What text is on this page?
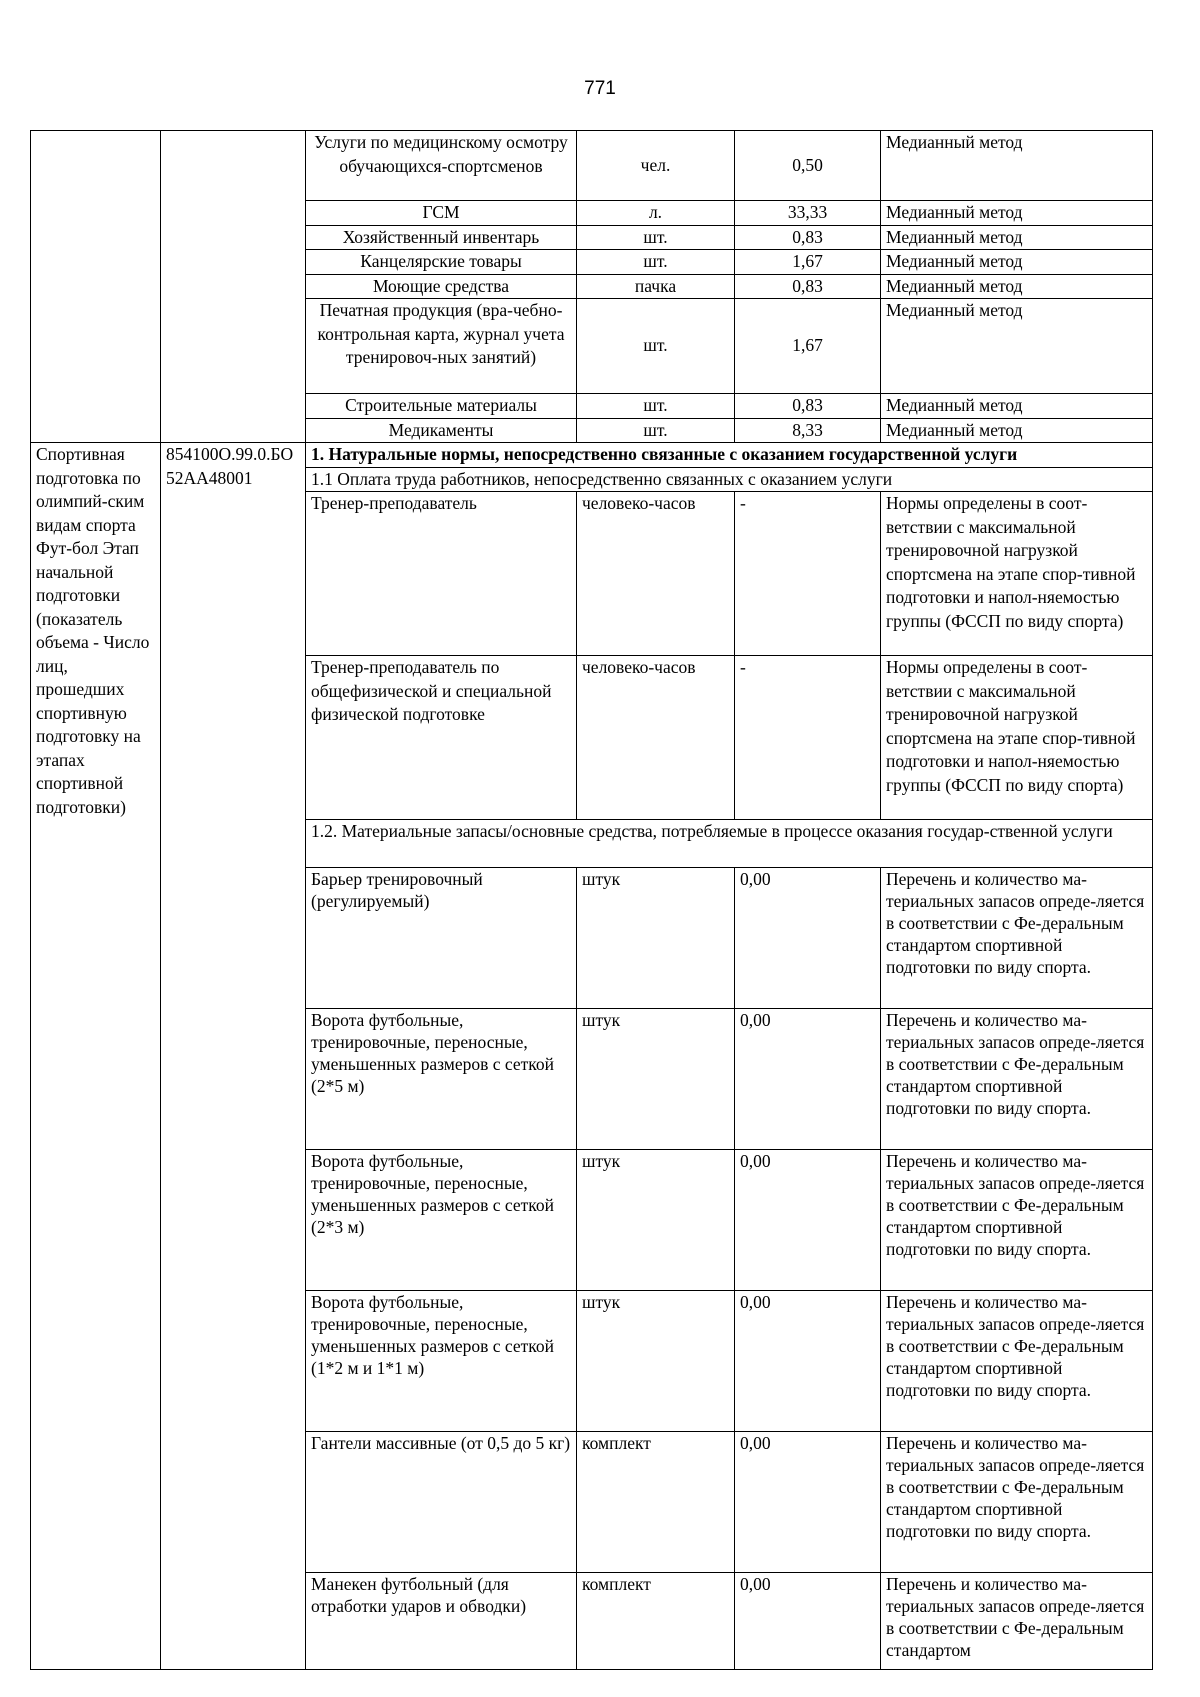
771
		Услуги по медицинскому осмотру обучающихся-спортсменов	чел.	0,50	Медианный метод
		ГСМ	л.	33,33	Медианный метод
		Хозяйственный инвентарь	шт.	0,83	Медианный метод
		Канцелярские товары	шт.	1,67	Медианный метод
		Моющие средства	пачка	0,83	Медианный метод
		Печатная продукция (вра-чебно-контрольная карта, журнал учета тренировоч-ных занятий)	шт.	1,67	Медианный метод
		Строительные материалы	шт.	0,83	Медианный метод
		Медикаменты	шт.	8,33	Медианный метод
Спортивная подготовка по олимпий-ским видам спорта Фут-бол Этап начальной подготовки (показатель объема - Число лиц, прошедших спортивную подготовку на этапах спортивной подготовки)	854100О.99.0.БО52АА48001	1. Натуральные нормы, непосредственно связанные с оказанием государственной услуги			
		1.1 Оплата труда работников, непосредственно связанных с оказанием услуги			
		Тренер-преподаватель	человеко-часов	-	Нормы определены в соот-ветствии с максимальной тренировочной нагрузкой спортсмена на этапе спор-тивной подготовки и напол-няемостью группы (ФССП по виду спорта)
		Тренер-преподаватель по общефизической и специальной физической подготовке	человеко-часов	-	Нормы определены в соот-ветствии с максимальной тренировочной нагрузкой спортсмена на этапе спор-тивной подготовки и напол-няемостью группы (ФССП по виду спорта)
		1.2. Материальные запасы/основные средства, потребляемые в процессе оказания государ-ственной услуги			
		Барьер тренировочный (регулируемый)	штук	0,00	Перечень и количество ма-териальных запасов опреде-ляется в соответствии с Фе-деральным стандартом спортивной подготовки по виду спорта.
		Ворота футбольные, тренировочные, переносные, уменьшенных размеров с сеткой (2*5 м)	штук	0,00	Перечень и количество ма-териальных запасов опреде-ляется в соответствии с Фе-деральным стандартом спортивной подготовки по виду спорта.
		Ворота футбольные, тренировочные, переносные, уменьшенных размеров с сеткой (2*3 м)	штук	0,00	Перечень и количество ма-териальных запасов опреде-ляется в соответствии с Фе-деральным стандартом спортивной подготовки по виду спорта.
		Ворота футбольные, тренировочные, переносные, уменьшенных размеров с сеткой (1*2 м и 1*1 м)	штук	0,00	Перечень и количество ма-териальных запасов опреде-ляется в соответствии с Фе-деральным стандартом спортивной подготовки по виду спорта.
		Гантели массивные (от 0,5 до 5 кг)	комплект	0,00	Перечень и количество ма-териальных запасов опреде-ляется в соответствии с Фе-деральным стандартом спортивной подготовки по виду спорта.
		Манекен футбольный (для отработки ударов и обводки)	комплект	0,00	Перечень и количество ма-териальных запасов опреде-ляется в соответствии с Фе-деральным стандартом
